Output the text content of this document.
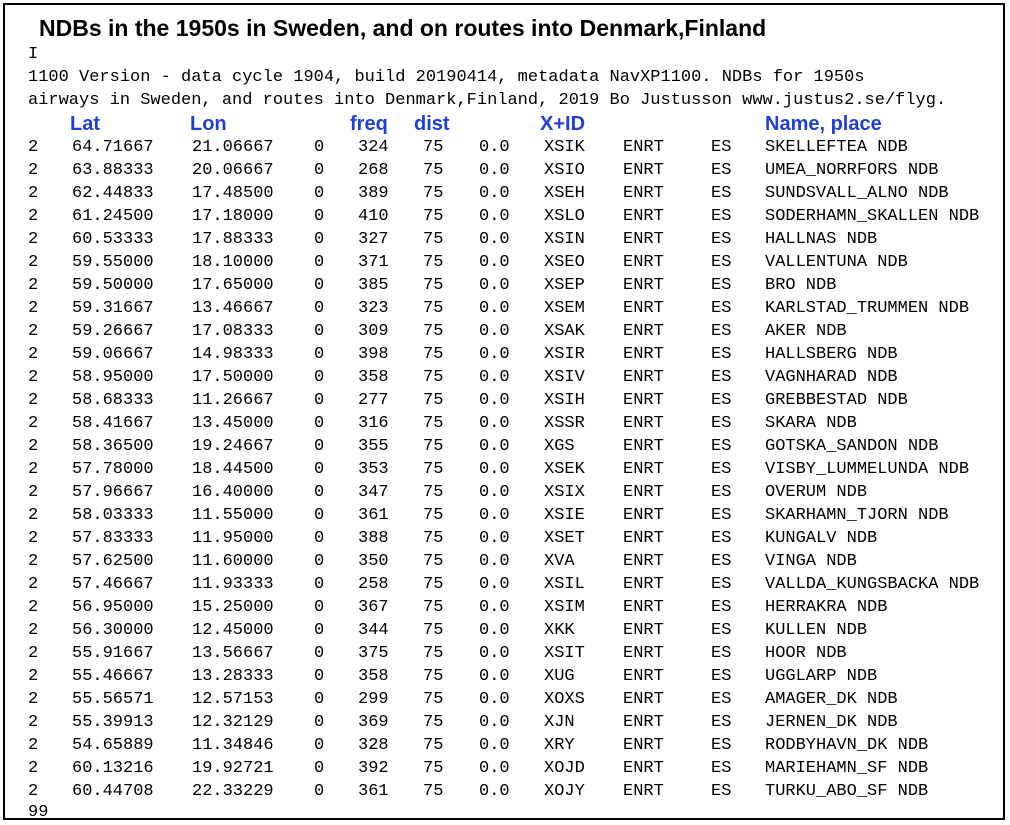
NDBs in the 1950s in Sweden, and on routes into Denmark,Finland
I
1100 Version - data cycle 1904, build 20190414, metadata NavXP1100. NDBs for 1950s
airways in Sweden, and routes into Denmark,Finland, 2019 Bo Justusson www.justus2.se/flyg.
Lat	Lon	freq dist	X+ID	Name, place
2 64.71667 21.06667 0 324 75 0.0 XSIK ENRT	ES SKELLEFTEA NDB
2 63.88333 20.06667 0 268 75 0.0 XSIO ENRT	ES UMEA_NORRFORS NDB
2 62.44833 17.48500 0 389 75 0.0 XSEH ENRT	ES SUNDSVALL_ALNO NDB
2 61.24500 17.18000 0 410 75 0.0 XSLO ENRT	ES SODERHAMN_SKALLEN NDB
2 60.53333 17.88333 0 327 75 0.0 XSIN ENRT	ES HALLNAS NDB
2 59.55000 18.10000 0 371 75 0.0 XSEO ENRT	ES VALLENTUNA NDB
2 59.50000 17.65000 0 385 75 0.0 XSEP ENRT	ES BRO NDB
2 59.31667 13.46667 0 323 75 0.0 XSEM ENRT	ES KARLSTAD_TRUMMEN NDB
2 59.26667 17.08333 0 309 75 0.0 XSAK ENRT	ES AKER NDB
2 59.06667 14.98333 0 398 75 0.0 XSIR ENRT	ES HALLSBERG NDB
2 58.95000 17.50000 0 358 75 0.0 XSIV ENRT	ES VAGNHARAD NDB
2 58.68333 11.26667 0 277 75 0.0 XSIH ENRT	ES GREBBESTAD NDB
2 58.41667 13.45000 0 316 75 0.0 XSSR ENRT	ES SKARA NDB
2 58.36500 19.24667 0 355 75 0.0 XGS	ENRT	ES GOTSKA_SANDON NDB
2 57.78000 18.44500 0 353 75 0.0 XSEK ENRT	ES VISBY_LUMMELUNDA NDB
2 57.96667 16.40000 0 347 75 0.0 XSIX ENRT	ES OVERUM NDB
2 58.03333 11.55000 0 361 75 0.0 XSIE ENRT	ES SKARHAMN_TJORN NDB
2 57.83333 11.95000 0 388 75 0.0 XSET ENRT	ES KUNGALV NDB
2 57.62500 11.60000 0 350 75 0.0 XVA	ENRT	ES VINGA NDB
2 57.46667 11.93333 0 258 75 0.0 XSIL ENRT	ES VALLDA_KUNGSBACKA NDB
2 56.95000 15.25000 0 367 75 0.0 XSIM ENRT	ES HERRAKRA NDB
2 56.30000 12.45000 0 344 75 0.0 XKK	ENRT	ES KULLEN NDB
2 55.91667 13.56667 0 375 75 0.0 XSIT ENRT	ES HOOR NDB
2 55.46667 13.28333 0 358 75 0.0 XUG	ENRT	ES UGGLARP NDB
2 55.56571 12.57153 0 299 75 0.0 XOXS ENRT	ES AMAGER_DK NDB
2 55.39913 12.32129 0 369 75 0.0 XJN	ENRT	ES JERNEN_DK NDB
2 54.65889 11.34846 0 328 75 0.0 XRY	ENRT	ES RODBYHAVN_DK NDB
2 60.13216 19.92721 0 392 75 0.0 XOJD ENRT	ES MARIEHAMN_SF NDB
2 60.44708 22.33229 0 361 75 0.0 XOJY ENRT	ES TURKU_ABO_SF NDB
99
